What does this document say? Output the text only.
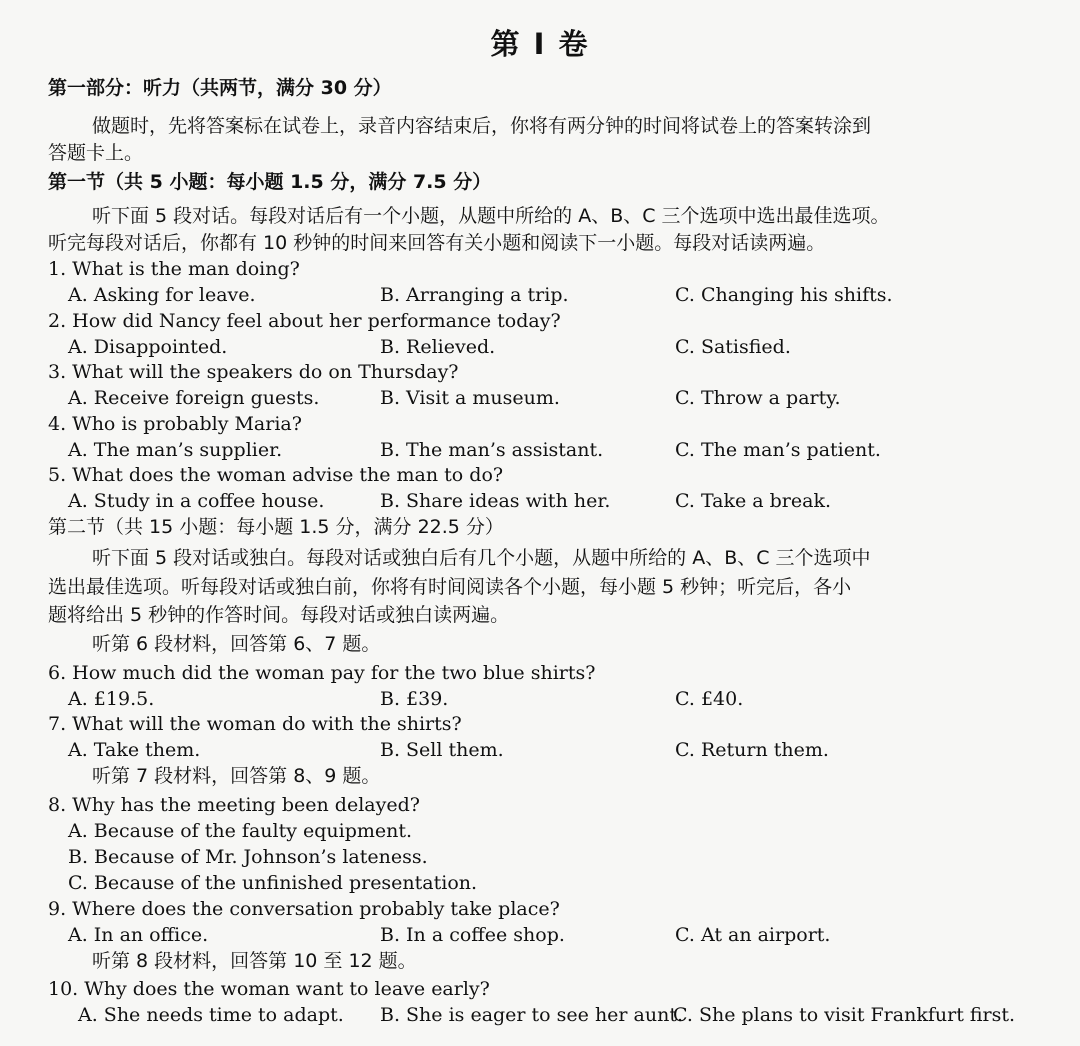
第 I 卷
第一部分：听力（共两节，满分 30 分）
做题时，先将答案标在试卷上，录音内容结束后，你将有两分钟的时间将试卷上的答案转涂到
答题卡上。
第一节（共 5 小题：每小题 1.5 分，满分 7.5 分）
听下面 5 段对话。每段对话后有一个小题，从题中所给的 A、B、C 三个选项中选出最佳选项。
听完每段对话后，你都有 10 秒钟的时间来回答有关小题和阅读下一小题。每段对话读两遍。
1. What is the man doing?
A. Asking for leave.	B. Arranging a trip.	C. Changing his shifts.
2. How did Nancy feel about her performance today?
A. Disappointed.	B. Relieved.	C. Satisfied.
3. What will the speakers do on Thursday?
A. Receive foreign guests.	B. Visit a museum.	C. Throw a party.
4. Who is probably Maria?
A. The man’s supplier.	B. The man’s assistant.	C. The man’s patient.
5. What does the woman advise the man to do?
A. Study in a coffee house.	B. Share ideas with her.	C. Take a break.
第二节（共 15 小题：每小题 1.5 分，满分 22.5 分）
听下面 5 段对话或独白。每段对话或独白后有几个小题，从题中所给的 A、B、C 三个选项中
选出最佳选项。听每段对话或独白前，你将有时间阅读各个小题，每小题 5 秒钟；听完后，各小
题将给出 5 秒钟的作答时间。每段对话或独白读两遍。
听第 6 段材料，回答第 6、7 题。
6. How much did the woman pay for the two blue shirts?
A. £19.5.	B. £39.	C. £40.
7. What will the woman do with the shirts?
A. Take them.	B. Sell them.	C. Return them.
听第 7 段材料，回答第 8、9 题。
8. Why has the meeting been delayed?
A. Because of the faulty equipment.
B. Because of Mr. Johnson’s lateness.
C. Because of the unfinished presentation.
9. Where does the conversation probably take place?
A. In an office.	B. In a coffee shop.	C. At an airport.
听第 8 段材料，回答第 10 至 12 题。
10. Why does the woman want to leave early?
A. She needs time to adapt. B. She is eager to see her aunt.
C. She plans to visit Frankfurt first.
